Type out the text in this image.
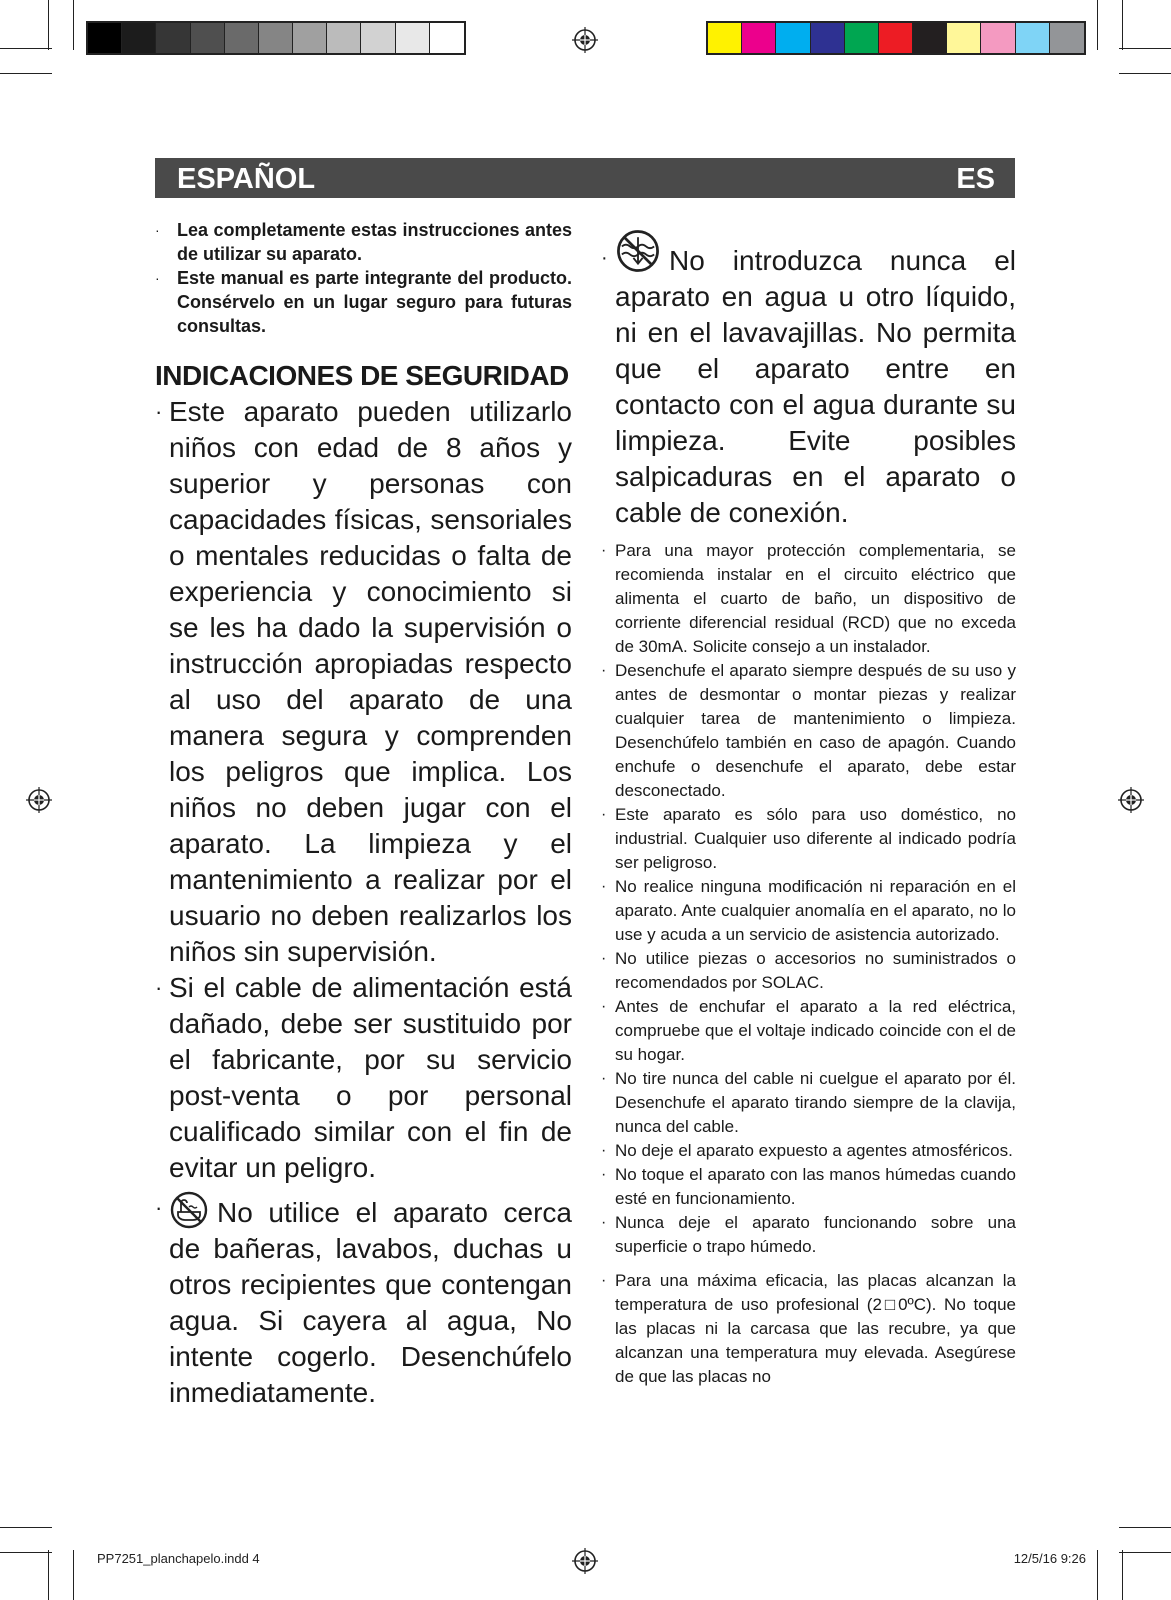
ESPAÑOL	ES
· Lea completamente estas instrucciones antes de utilizar su aparato.
· Este manual es parte integrante del producto. Consérvelo en un lugar seguro para futuras consultas.
INDICACIONES DE SEGURIDAD
· Este aparato pueden utilizarlo niños con edad de 8 años y superior y personas con capacidades físicas, sensoriales o mentales reducidas o falta de experiencia y conocimiento si se les ha dado la supervisión o instrucción apropiadas respecto al uso del aparato de una manera segura y comprenden los peligros que implica. Los niños no deben jugar con el aparato. La limpieza y el mantenimiento a realizar por el usuario no deben realizarlos los niños sin supervisión.
· Si el cable de alimentación está dañado, debe ser sustituido por el fabricante, por su servicio post-venta o por personal cualificado similar con el fin de evitar un peligro.
· No utilice el aparato cerca de bañeras, lavabos, duchas u otros recipientes que contengan agua. Si cayera al agua, No intente cogerlo. Desenchúfelo inmediatamente.
· No introduzca nunca el aparato en agua u otro líquido, ni en el lavavajillas. No permita que el aparato entre en contacto con el agua durante su limpieza. Evite posibles salpicaduras en el aparato o cable de conexión.
· Para una mayor protección complementaria, se recomienda instalar en el circuito eléctrico que alimenta el cuarto de baño, un dispositivo de corriente diferencial residual (RCD) que no exceda de 30mA. Solicite consejo a un instalador.
· Desenchufe el aparato siempre después de su uso y antes de desmontar o montar piezas y realizar cualquier tarea de mantenimiento o limpieza. Desenchúfelo también en caso de apagón. Cuando enchufe o desenchufe el aparato, debe estar desconectado.
· Este aparato es sólo para uso doméstico, no industrial. Cualquier uso diferente al indicado podría ser peligroso.
· No realice ninguna modificación ni reparación en el aparato. Ante cualquier anomalía en el aparato, no lo use y acuda a un servicio de asistencia autorizado.
· No utilice piezas o accesorios no suministrados o recomendados por SOLAC.
· Antes de enchufar el aparato a la red eléctrica, compruebe que el voltaje indicado coincide con el de su hogar.
· No tire nunca del cable ni cuelgue el aparato por él. Desenchufe el aparato tirando siempre de la clavija, nunca del cable.
· No deje el aparato expuesto a agentes atmosféricos.
· No toque el aparato con las manos húmedas cuando esté en funcionamiento.
· Nunca deje el aparato funcionando sobre una superficie o trapo húmedo.
· Para una máxima eficacia, las placas alcanzan la temperatura de uso profesional (2□0ºC). No toque las placas ni la carcasa que las recubre, ya que alcanzan una temperatura muy elevada. Asegúrese de que las placas no
PP7251_planchapelo.indd 4	12/5/16 9:26
